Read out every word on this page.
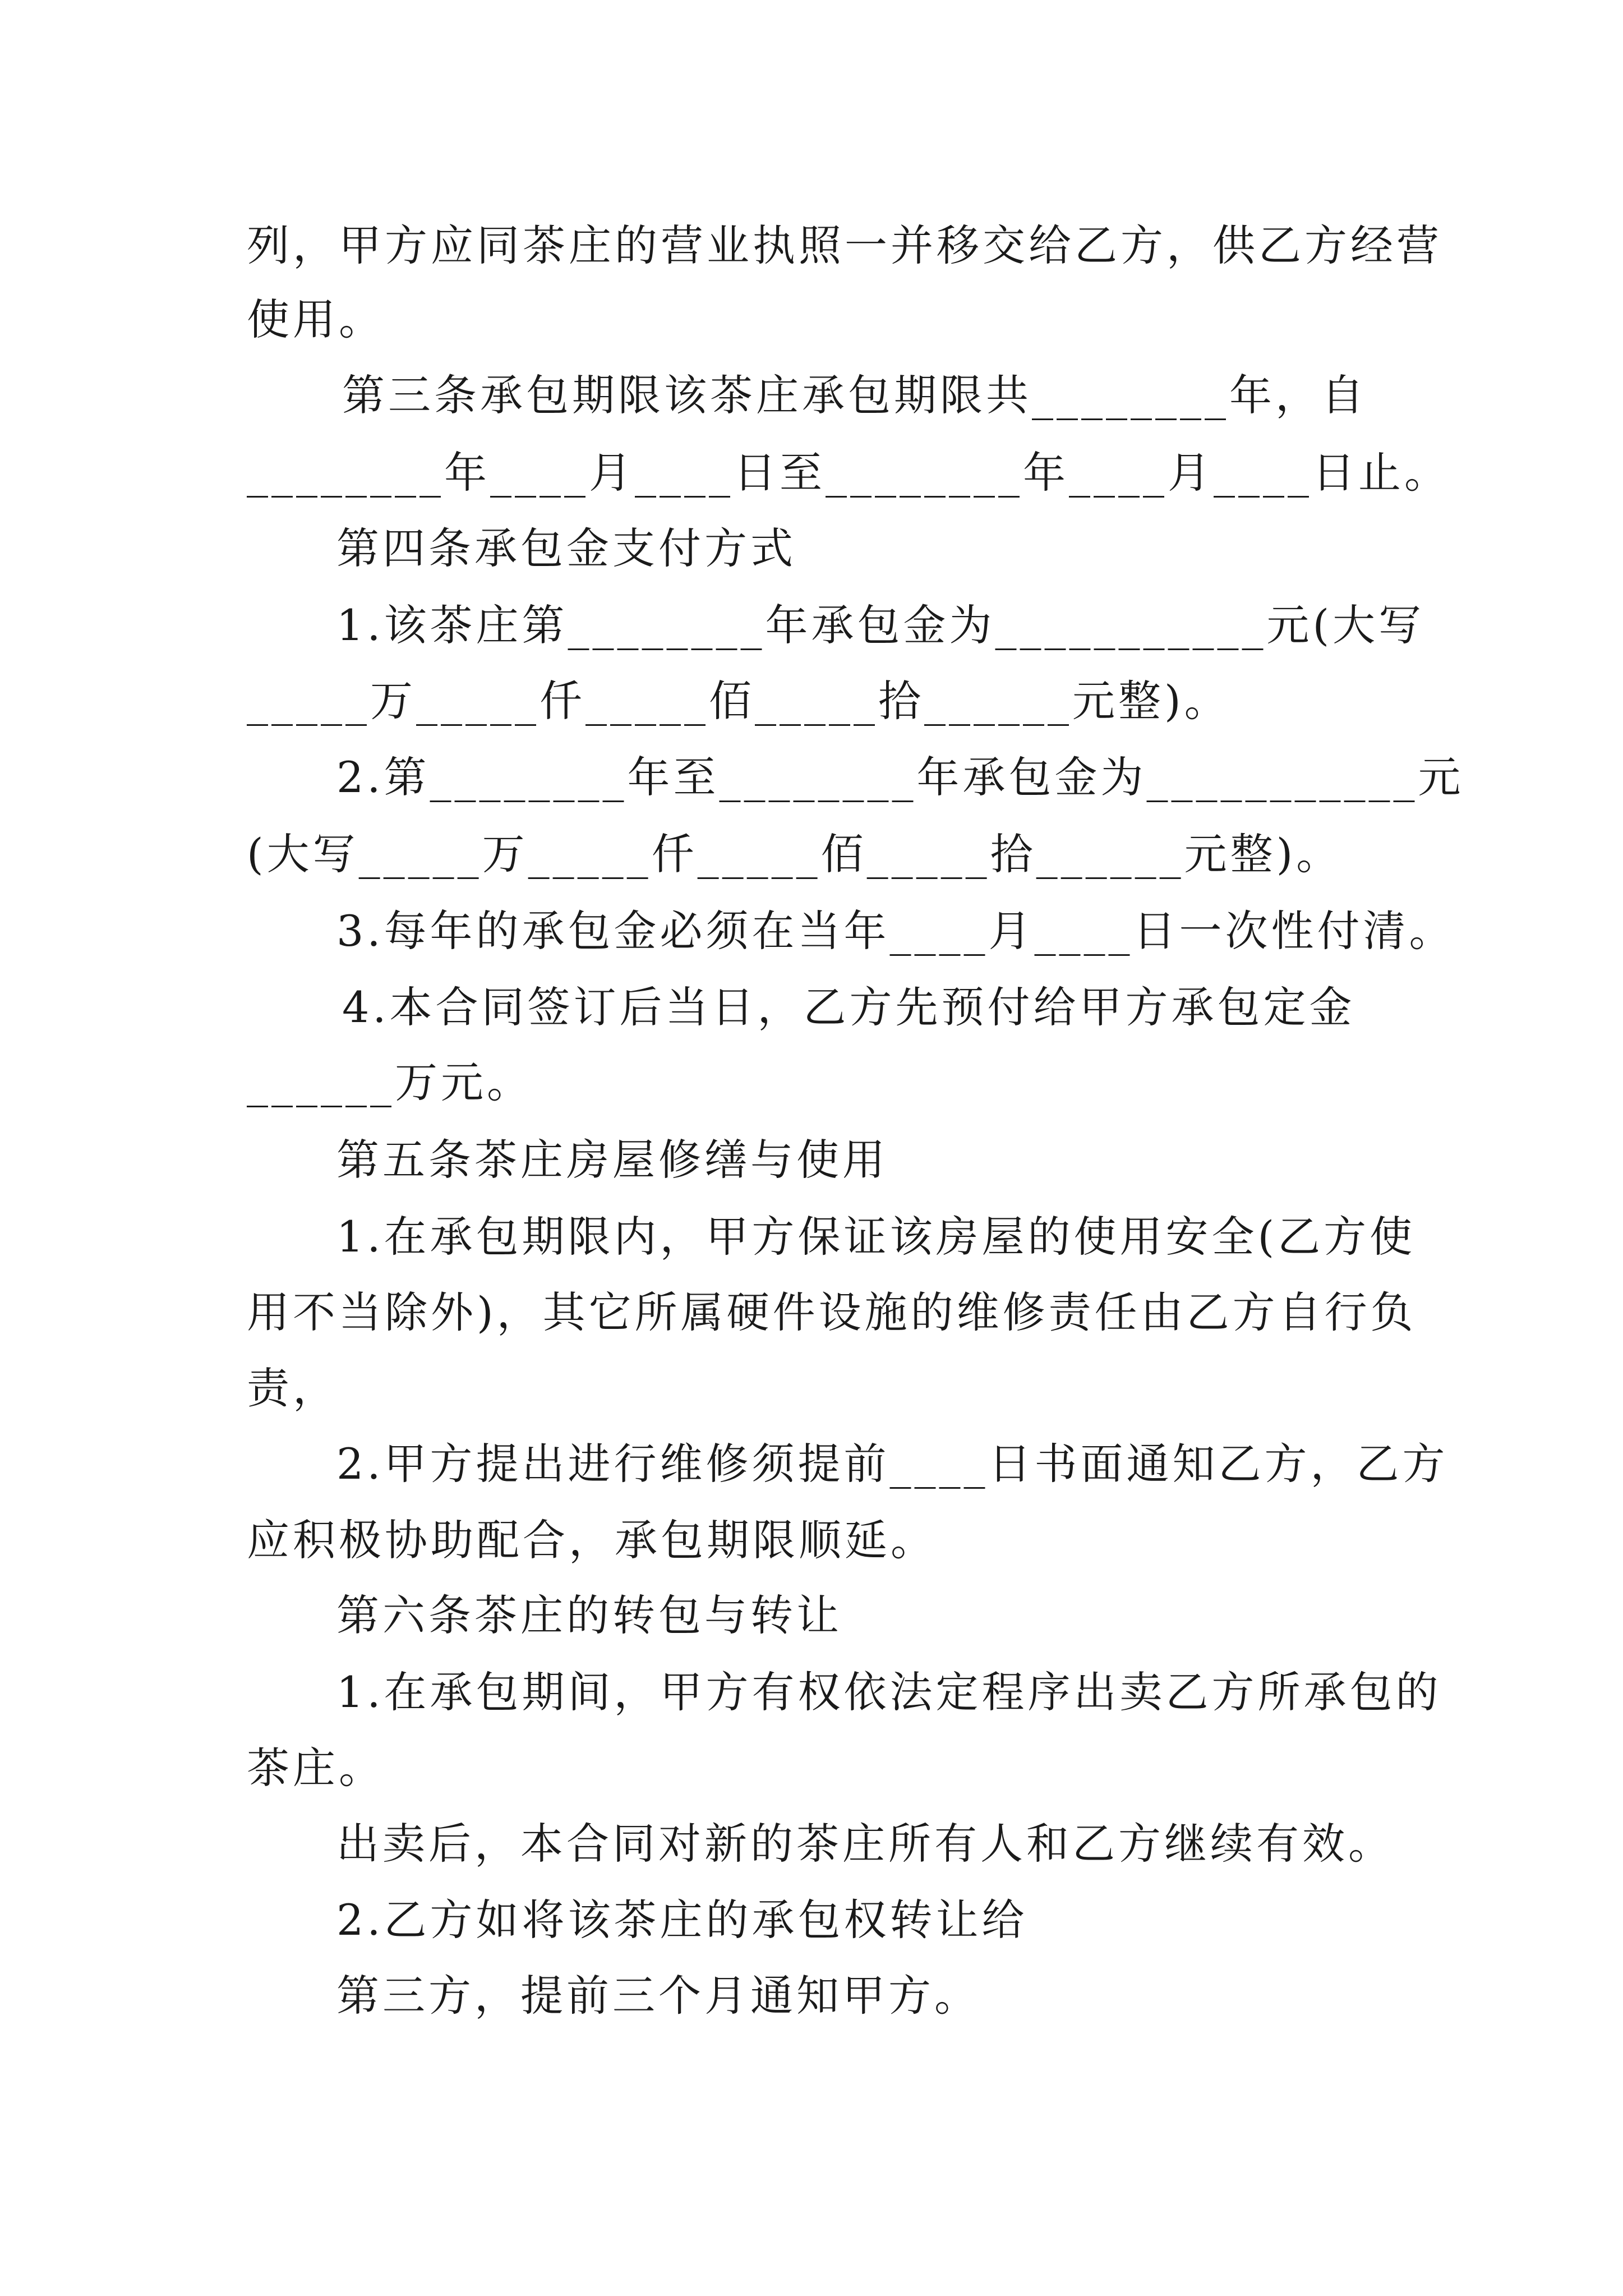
列，甲方应同茶庄的营业执照一并移交给乙方，供乙方经营
使用。
第三条承包期限该茶庄承包期限共________年，自
________年____月____日至________年____月____日止。
第四条承包金支付方式
1.该茶庄第________年承包金为___________元(大写
_____万_____仟_____佰_____拾______元整)。
2.第________年至________年承包金为___________元
(大写_____万_____仟_____佰_____拾______元整)。
3.每年的承包金必须在当年____月____日一次性付清。
4.本合同签订后当日，乙方先预付给甲方承包定金
______万元。
第五条茶庄房屋修缮与使用
1.在承包期限内，甲方保证该房屋的使用安全(乙方使
用不当除外)，其它所属硬件设施的维修责任由乙方自行负
责，
2.甲方提出进行维修须提前____日书面通知乙方，乙方
应积极协助配合，承包期限顺延。
第六条茶庄的转包与转让
1.在承包期间，甲方有权依法定程序出卖乙方所承包的
茶庄。
出卖后，本合同对新的茶庄所有人和乙方继续有效。
2.乙方如将该茶庄的承包权转让给
第三方，提前三个月通知甲方。
